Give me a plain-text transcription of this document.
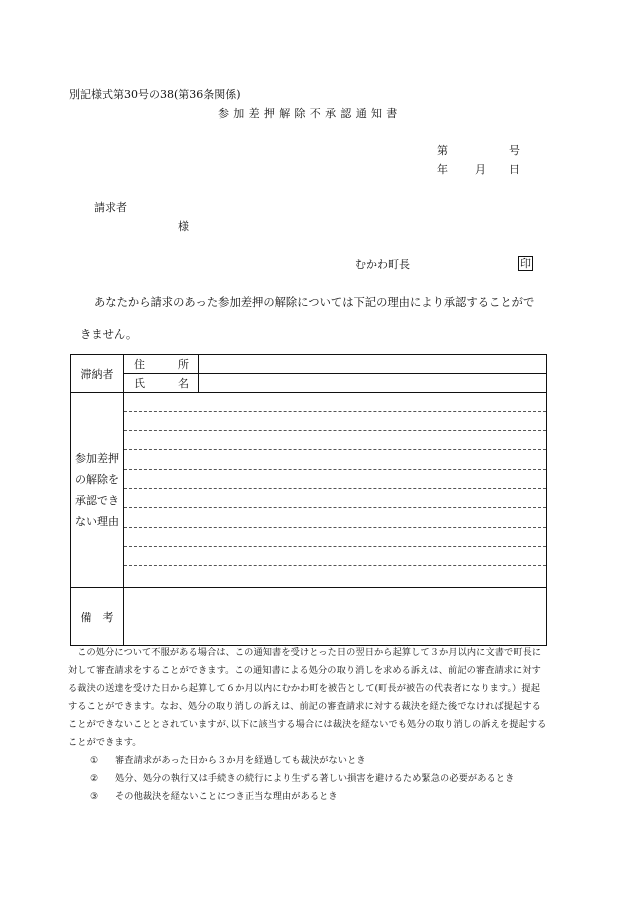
別記様式第30号の38(第36条関係)
参加差押解除不承認通知書
第	号
年 月 日
請求者
様
むかわ町長	印
あなたから請求のあった参加差押の解除については下記の理由により承認することがで
きません。
滞納者	住 所	

	氏 名	

参加差押
の解除を
承認でき
ない理由		

備　考		

この処分について不服がある場合は、この通知書を受けとった日の翌日から起算して３か月以内に文書で町長に対して審査請求をすることができます。この通知書による処分の取り消しを求める訴えは、前記の審査請求に対する裁決の送達を受けた日から起算して６か月以内にむかわ町を被告として(町長が被告の代表者になります。）提起することができます。なお、処分の取り消しの訴えは、前記の審査請求に対する裁決を経た後でなければ提起することができないこととされていますが､以下に該当する場合には裁決を経ないでも処分の取り消しの訴えを提起することができます。

① 審査請求があった日から３か月を経過しても裁決がないとき

② 処分、処分の執行又は手続きの続行により生ずる著しい損害を避けるため緊急の必要があるとき

③ その他裁決を経ないことにつき正当な理由があるとき
